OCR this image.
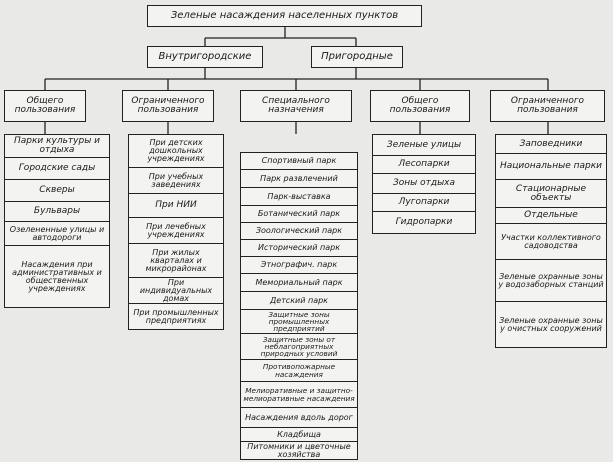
Зеленые насаждения населенных пунктов
Внутригородские	Пригородные
Общего пользования
Ограниченного пользования
Специального назначения
Общего пользования
Ограниченного пользования
Парки культуры и отдыха
Городские сады
Скверы
Бульвары
Озелененные улицы и автодороги
Насаждения при административных и общественных учреждениях
При детских дошкольных учреждениях
При учебных заведениях
При НИИ
При лечебных учреждениях
При жилых кварталах и микрорайонах
При индивидуальных домах
При промышленных предприятиях
Спортивный парк
Парк развлечений
Парк-выставка
Ботанический парк
Зоологический парк
Исторический парк
Этнографич. парк
Мемориальный парк
Детский парк
Защитные зоны промышленных предприятий
Защитные зоны от неблагоприятных природных условий
Противопожарные насаждения
Мелиоративные и защитно-мелиоративные насаждения
Насаждения вдоль дорог
Кладбища
Питомники и цветочные хозяйства
Зеленые улицы
Лесопарки
Зоны отдыха
Лугопарки
Гидропарки
Заповедники
Национальные парки
Стационарные объекты
Отдельные
Участки коллективного садоводства
Зеленые охранные зоны у водозаборных станций
Зеленые охранные зоны у очистных сооружений
